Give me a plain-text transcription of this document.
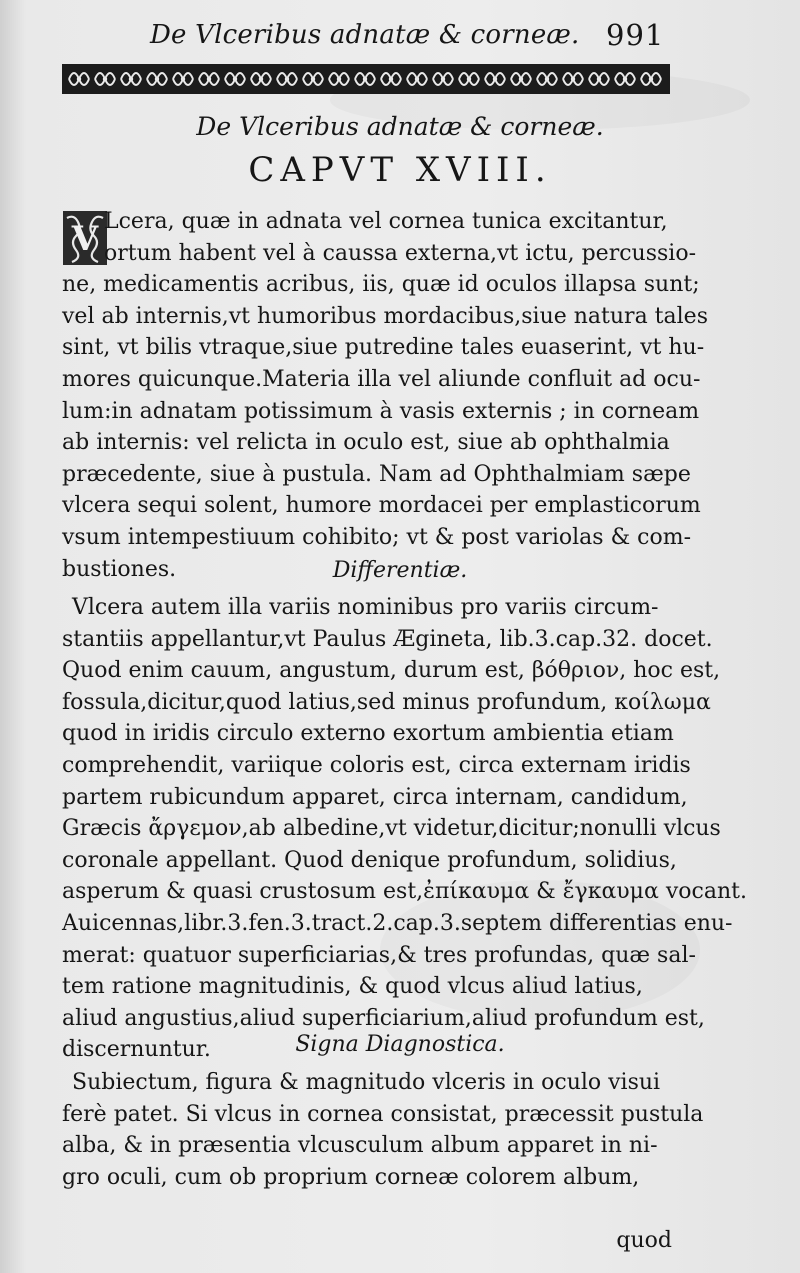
De Vlceribus adnatæ & corneæ. 991
De Vlceribus adnatæ & corneæ.
CAPVT XVIII.
V Lcera, quæ in adnata vel cornea tunica excitantur,
ortum habent vel à caussa externa,vt ictu, percussio-
ne, medicamentis acribus, iis, quæ id oculos illapsa sunt;
vel ab internis,vt humoribus mordacibus,siue natura tales
sint, vt bilis vtraque,siue putredine tales euaserint, vt hu-
mores quicunque.Materia illa vel aliunde confluit ad ocu-
lum:in adnatam potissimum à vasis externis ; in corneam
ab internis: vel relicta in oculo est, siue ab ophthalmia
præcedente, siue à pustula. Nam ad Ophthalmiam sæpe
vlcera sequi solent, humore mordacei per emplasticorum
vsum intempestiuum cohibito; vt & post variolas & com-
bustiones.	Differentiæ.
Vlcera autem illa variis nominibus pro variis circum-
stantiis appellantur,vt Paulus Ægineta, lib.3.cap.32. docet.
Quod enim cauum, angustum, durum est, βόθριον, hoc est,
fossula,dicitur,quod latius,sed minus profundum, κοίλωμα
quod in iridis circulo externo exortum ambientia etiam
comprehendit, variique coloris est, circa externam iridis
partem rubicundum apparet, circa internam, candidum,
Græcis ἄργεμον,ab albedine,vt videtur,dicitur;nonulli vlcus
coronale appellant. Quod denique profundum, solidius,
asperum & quasi crustosum est,ἐπίκαυμα & ἔγκαυμα vocant.
Auicennas,libr.3.fen.3.tract.2.cap.3.septem differentias enu-
merat: quatuor superficiarias,& tres profundas, quæ sal-
tem ratione magnitudinis, & quod vlcus aliud latius,
aliud angustius,aliud superficiarium,aliud profundum est,
discernuntur.	Signa Diagnostica.
Subiectum, figura & magnitudo vlceris in oculo visui
ferè patet. Si vlcus in cornea consistat, præcessit pustula
alba, & in præsentia vlcusculum album apparet in ni-
gro oculi, cum ob proprium corneæ colorem album,
quod
